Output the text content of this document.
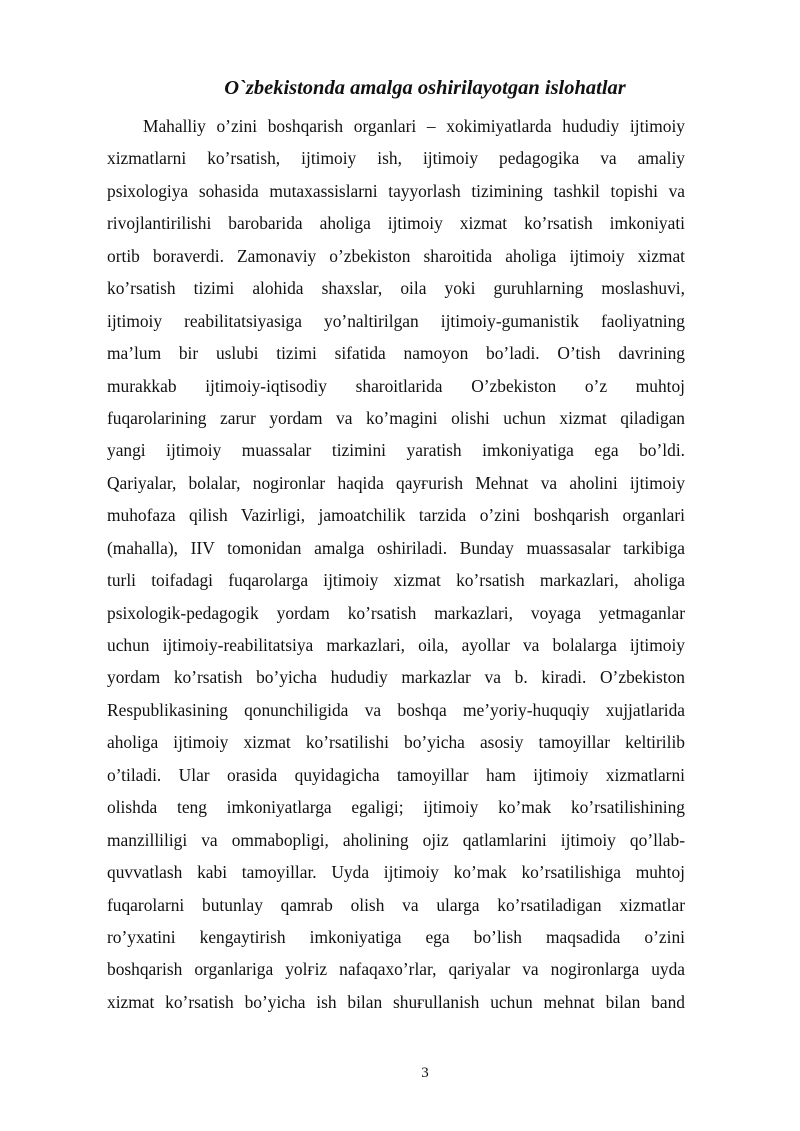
O`zbekistonda amalga oshirilayotgan islohatlar
Mahalliy o’zini boshqarish organlari – xokimiyatlarda hududiy ijtimoiy
xizmatlarni ko’rsatish, ijtimoiy ish, ijtimoiy pedagogika va amaliy
psixologiya sohasida mutaxassislarni tayyorlash tizimining tashkil topishi va
rivojlantirilishi barobarida aholiga ijtimoiy xizmat ko’rsatish imkoniyati
ortib boraverdi. Zamonaviy o’zbekiston sharoitida aholiga ijtimoiy xizmat
ko’rsatish tizimi alohida shaxslar, oila yoki guruhlarning moslashuvi,
ijtimoiy reabilitatsiyasiga yo’naltirilgan ijtimoiy-gumanistik faoliyatning
ma’lum bir uslubi tizimi sifatida namoyon bo’ladi. O’tish davrining
murakkab ijtimoiy-iqtisodiy sharoitlarida O’zbekiston o’z muhtoj
fuqarolarining zarur yordam va ko’magini olishi uchun xizmat qiladigan
yangi ijtimoiy muassalar tizimini yaratish imkoniyatiga ega bo’ldi.
Qariyalar, bolalar, nogironlar haqida qayғurish Mehnat va aholini ijtimoiy
muhofaza qilish Vazirligi, jamoatchilik tarzida o’zini boshqarish organlari
(mahalla), IIV tomonidan amalga oshiriladi. Bunday muassasalar tarkibiga
turli toifadagi fuqarolarga ijtimoiy xizmat ko’rsatish markazlari, aholiga
psixologik-pedagogik yordam ko’rsatish markazlari, voyaga yetmaganlar
uchun ijtimoiy-reabilitatsiya markazlari, oila, ayollar va bolalarga ijtimoiy
yordam ko’rsatish bo’yicha hududiy markazlar va b. kiradi. O’zbekiston
Respublikasining qonunchiligida va boshqa me’yoriy-huquqiy xujjatlarida
aholiga ijtimoiy xizmat ko’rsatilishi bo’yicha asosiy tamoyillar keltirilib
o’tiladi. Ular orasida quyidagicha tamoyillar ham ijtimoiy xizmatlarni
olishda teng imkoniyatlarga egaligi; ijtimoiy ko’mak ko’rsatilishining
manzilliligi va ommabopligi, aholining ojiz qatlamlarini ijtimoiy qo’llab-
quvvatlash kabi tamoyillar. Uyda ijtimoiy ko’mak ko’rsatilishiga muhtoj
fuqarolarni butunlay qamrab olish va ularga ko’rsatiladigan xizmatlar
ro’yxatini kengaytirish imkoniyatiga ega bo’lish maqsadida o’zini
boshqarish organlariga yolғiz nafaqaxo’rlar, qariyalar va nogironlarga uyda
xizmat ko’rsatish bo’yicha ish bilan shuғullanish uchun mehnat bilan band
3
